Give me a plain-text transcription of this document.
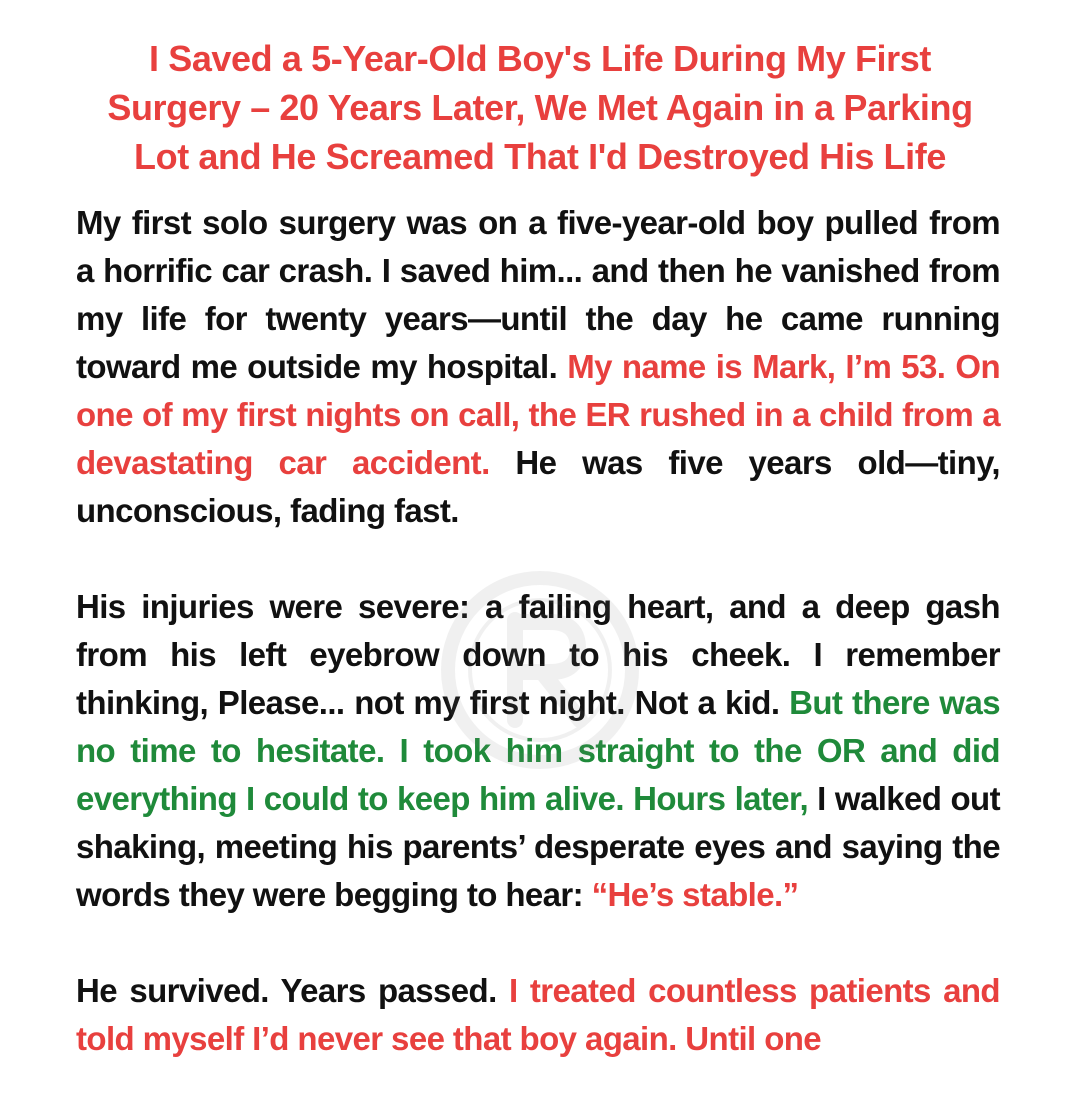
I Saved a 5-Year-Old Boy's Life During My First
Surgery – 20 Years Later, We Met Again in a Parking
Lot and He Screamed That I'd Destroyed His Life

My first solo surgery was on a five-year-old boy pulled from a horrific car crash. I saved him... and then he vanished from my life for twenty years—until the day he came running toward me outside my hospital. My name is Mark, I’m 53. On one of my first nights on call, the ER rushed in a child from a devastating car accident. He was five years old—tiny, unconscious, fading fast.

His injuries were severe: a failing heart, and a deep gash from his left eyebrow down to his cheek. I remember thinking, Please... not my first night. Not a kid. But there was no time to hesitate. I took him straight to the OR and did everything I could to keep him alive. Hours later, I walked out shaking, meeting his parents’ desperate eyes and saying the words they were begging to hear: “He’s stable.”

He survived. Years passed. I treated countless patients and told myself I’d never see that boy again. Until one
